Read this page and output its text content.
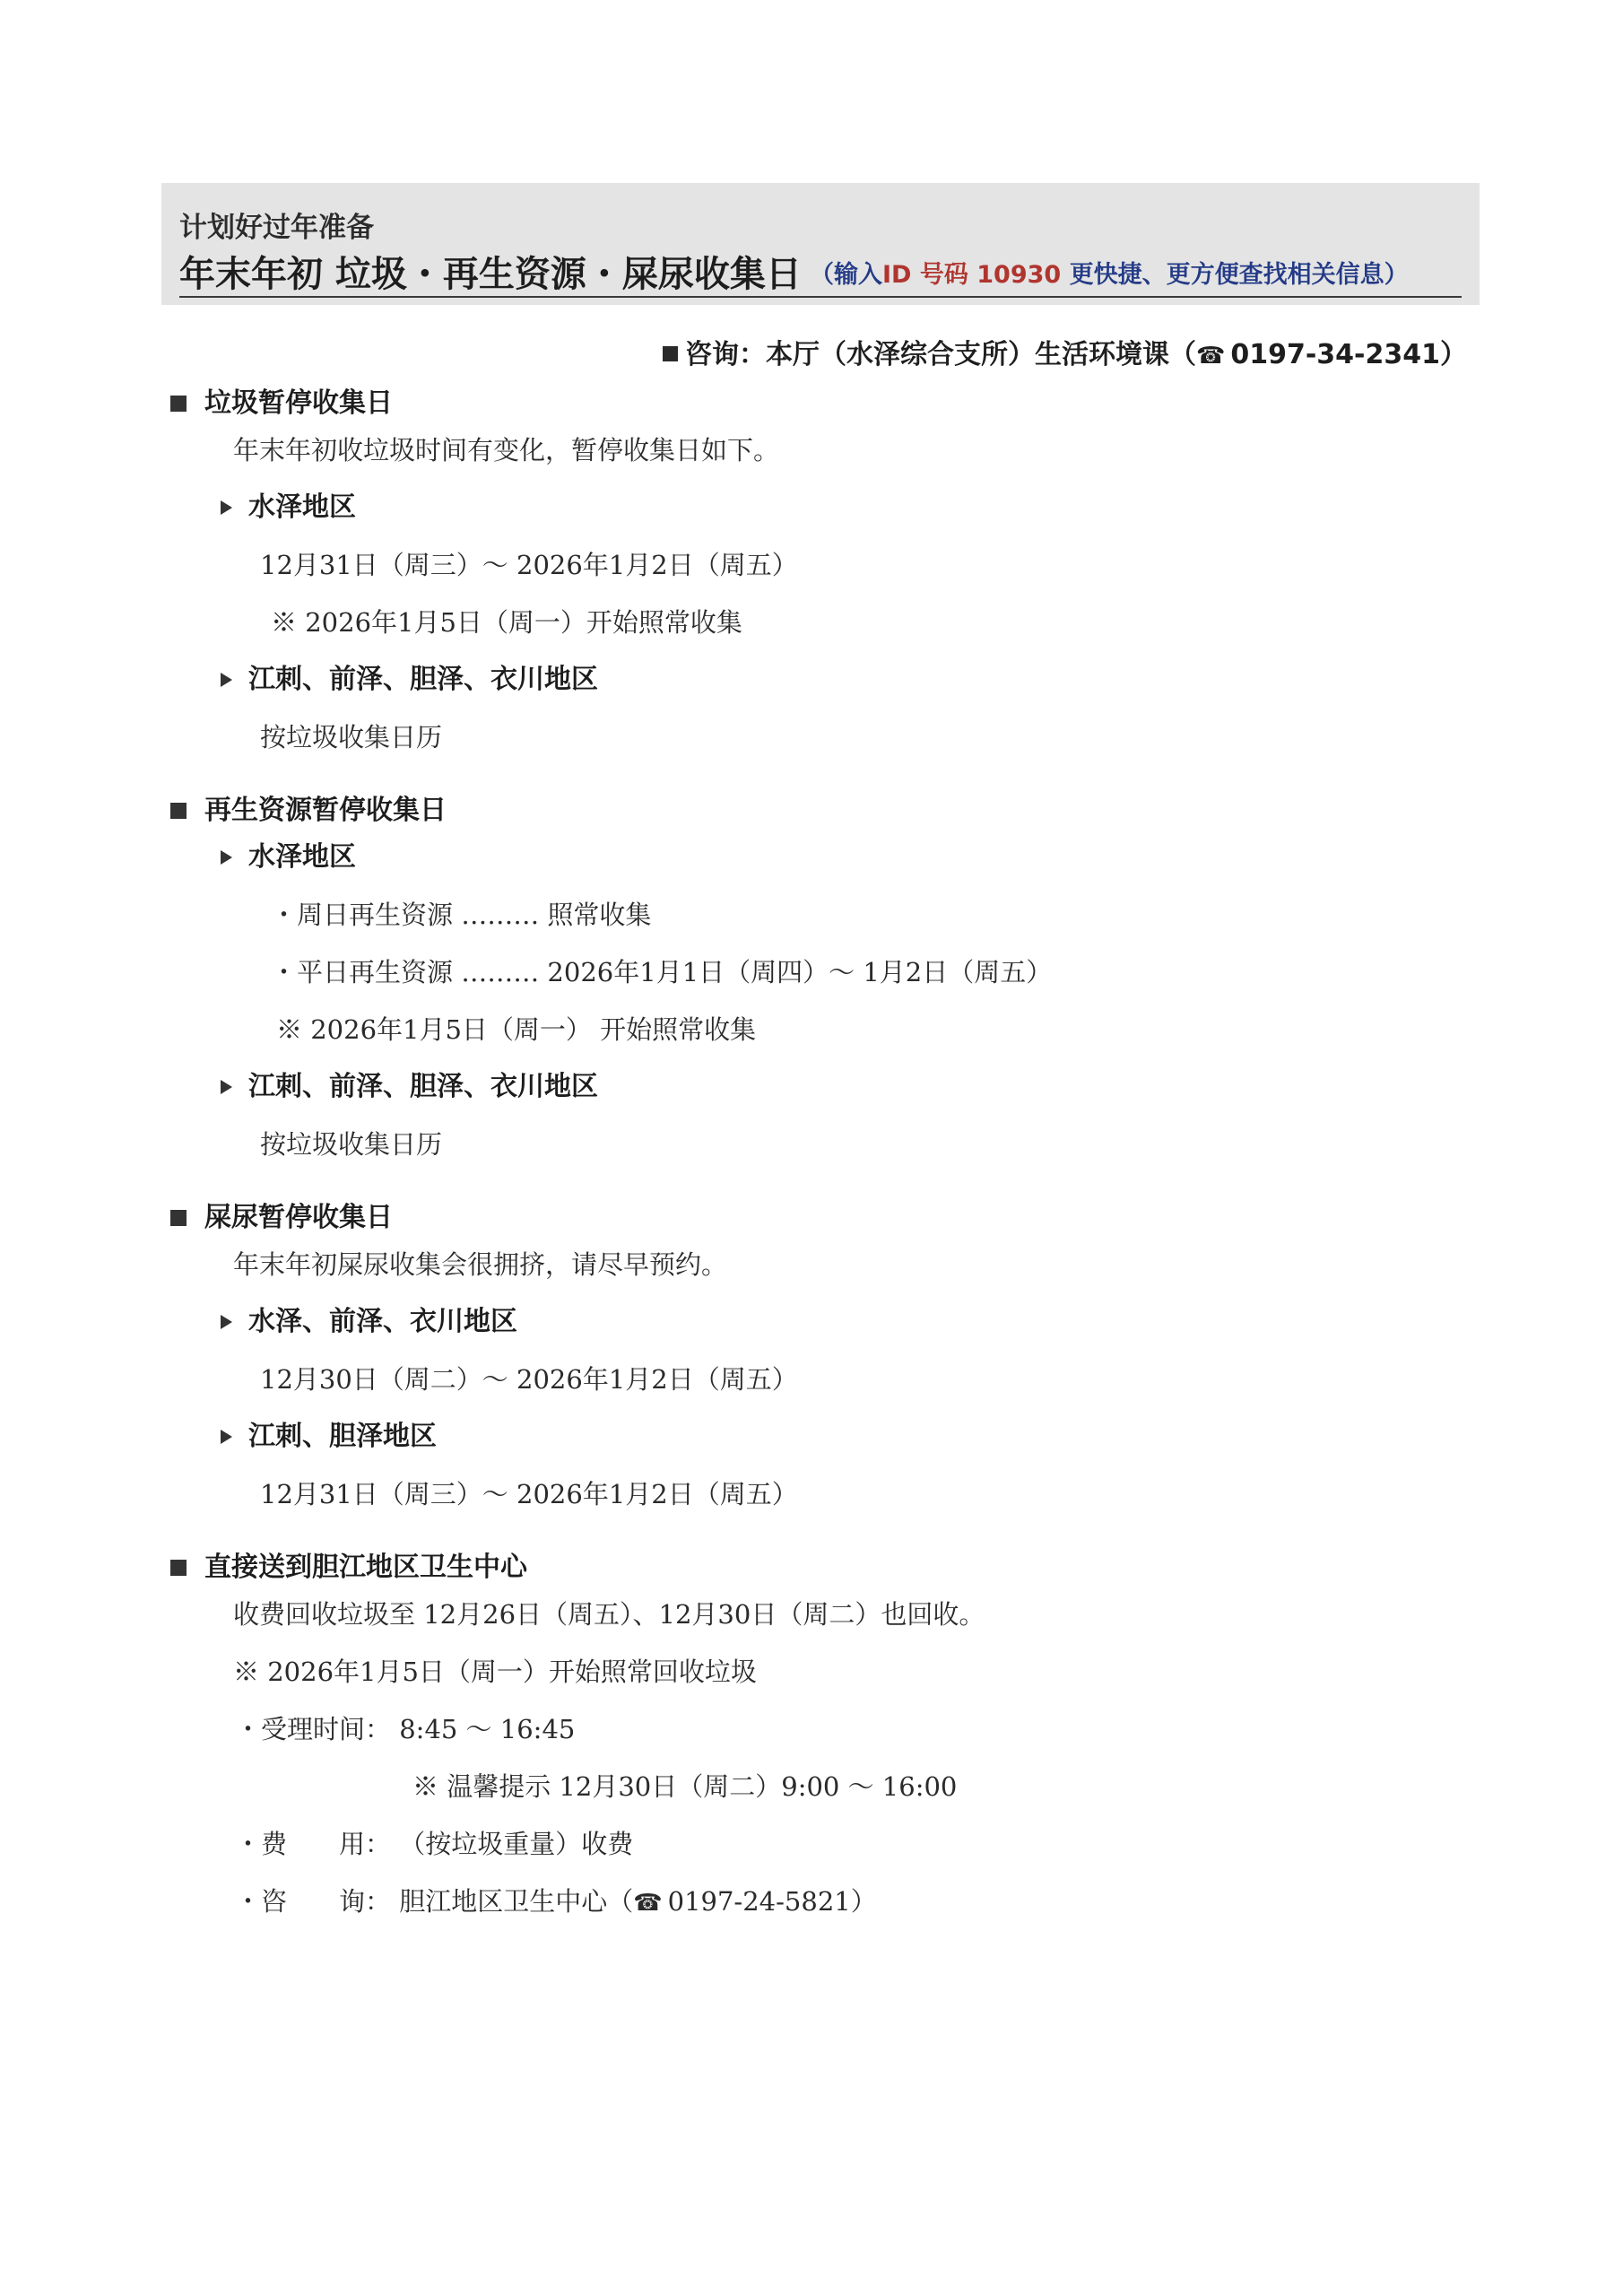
计划好过年准备
年末年初 垃圾・再生资源・屎尿收集日 （输入ID 号码 10930 更快捷、更方便查找相关信息）
咨询：本厅（水泽综合支所）生活环境课（☎ 0197-34-2341）
垃圾暂停收集日
年末年初收垃圾时间有变化，暂停收集日如下。
水泽地区
12月31日（周三）～ 2026年1月2日（周五）
※ 2026年1月5日（周一）开始照常收集
江刺、前泽、胆泽、衣川地区
按垃圾收集日历
再生资源暂停收集日
水泽地区
・周日再生资源 ……… 照常收集
・平日再生资源 ……… 2026年1月1日（周四）～ 1月2日（周五）
※ 2026年1月5日（周一） 开始照常收集
江刺、前泽、胆泽、衣川地区
按垃圾收集日历
屎尿暂停收集日
年末年初屎尿收集会很拥挤，请尽早预约。
水泽、前泽、衣川地区
12月30日（周二）～ 2026年1月2日（周五）
江刺、胆泽地区
12月31日（周三）～ 2026年1月2日（周五）
直接送到胆江地区卫生中心
收费回收垃圾至 12月26日（周五）、12月30日（周二）也回收。
※ 2026年1月5日（周一）开始照常回收垃圾
・受理时间： 8:45 ～ 16:45
※ 温馨提示 12月30日（周二）9:00 ～ 16:00
・费　　用： （按垃圾重量）收费
・咨　　询： 胆江地区卫生中心（☎ 0197-24-5821）
